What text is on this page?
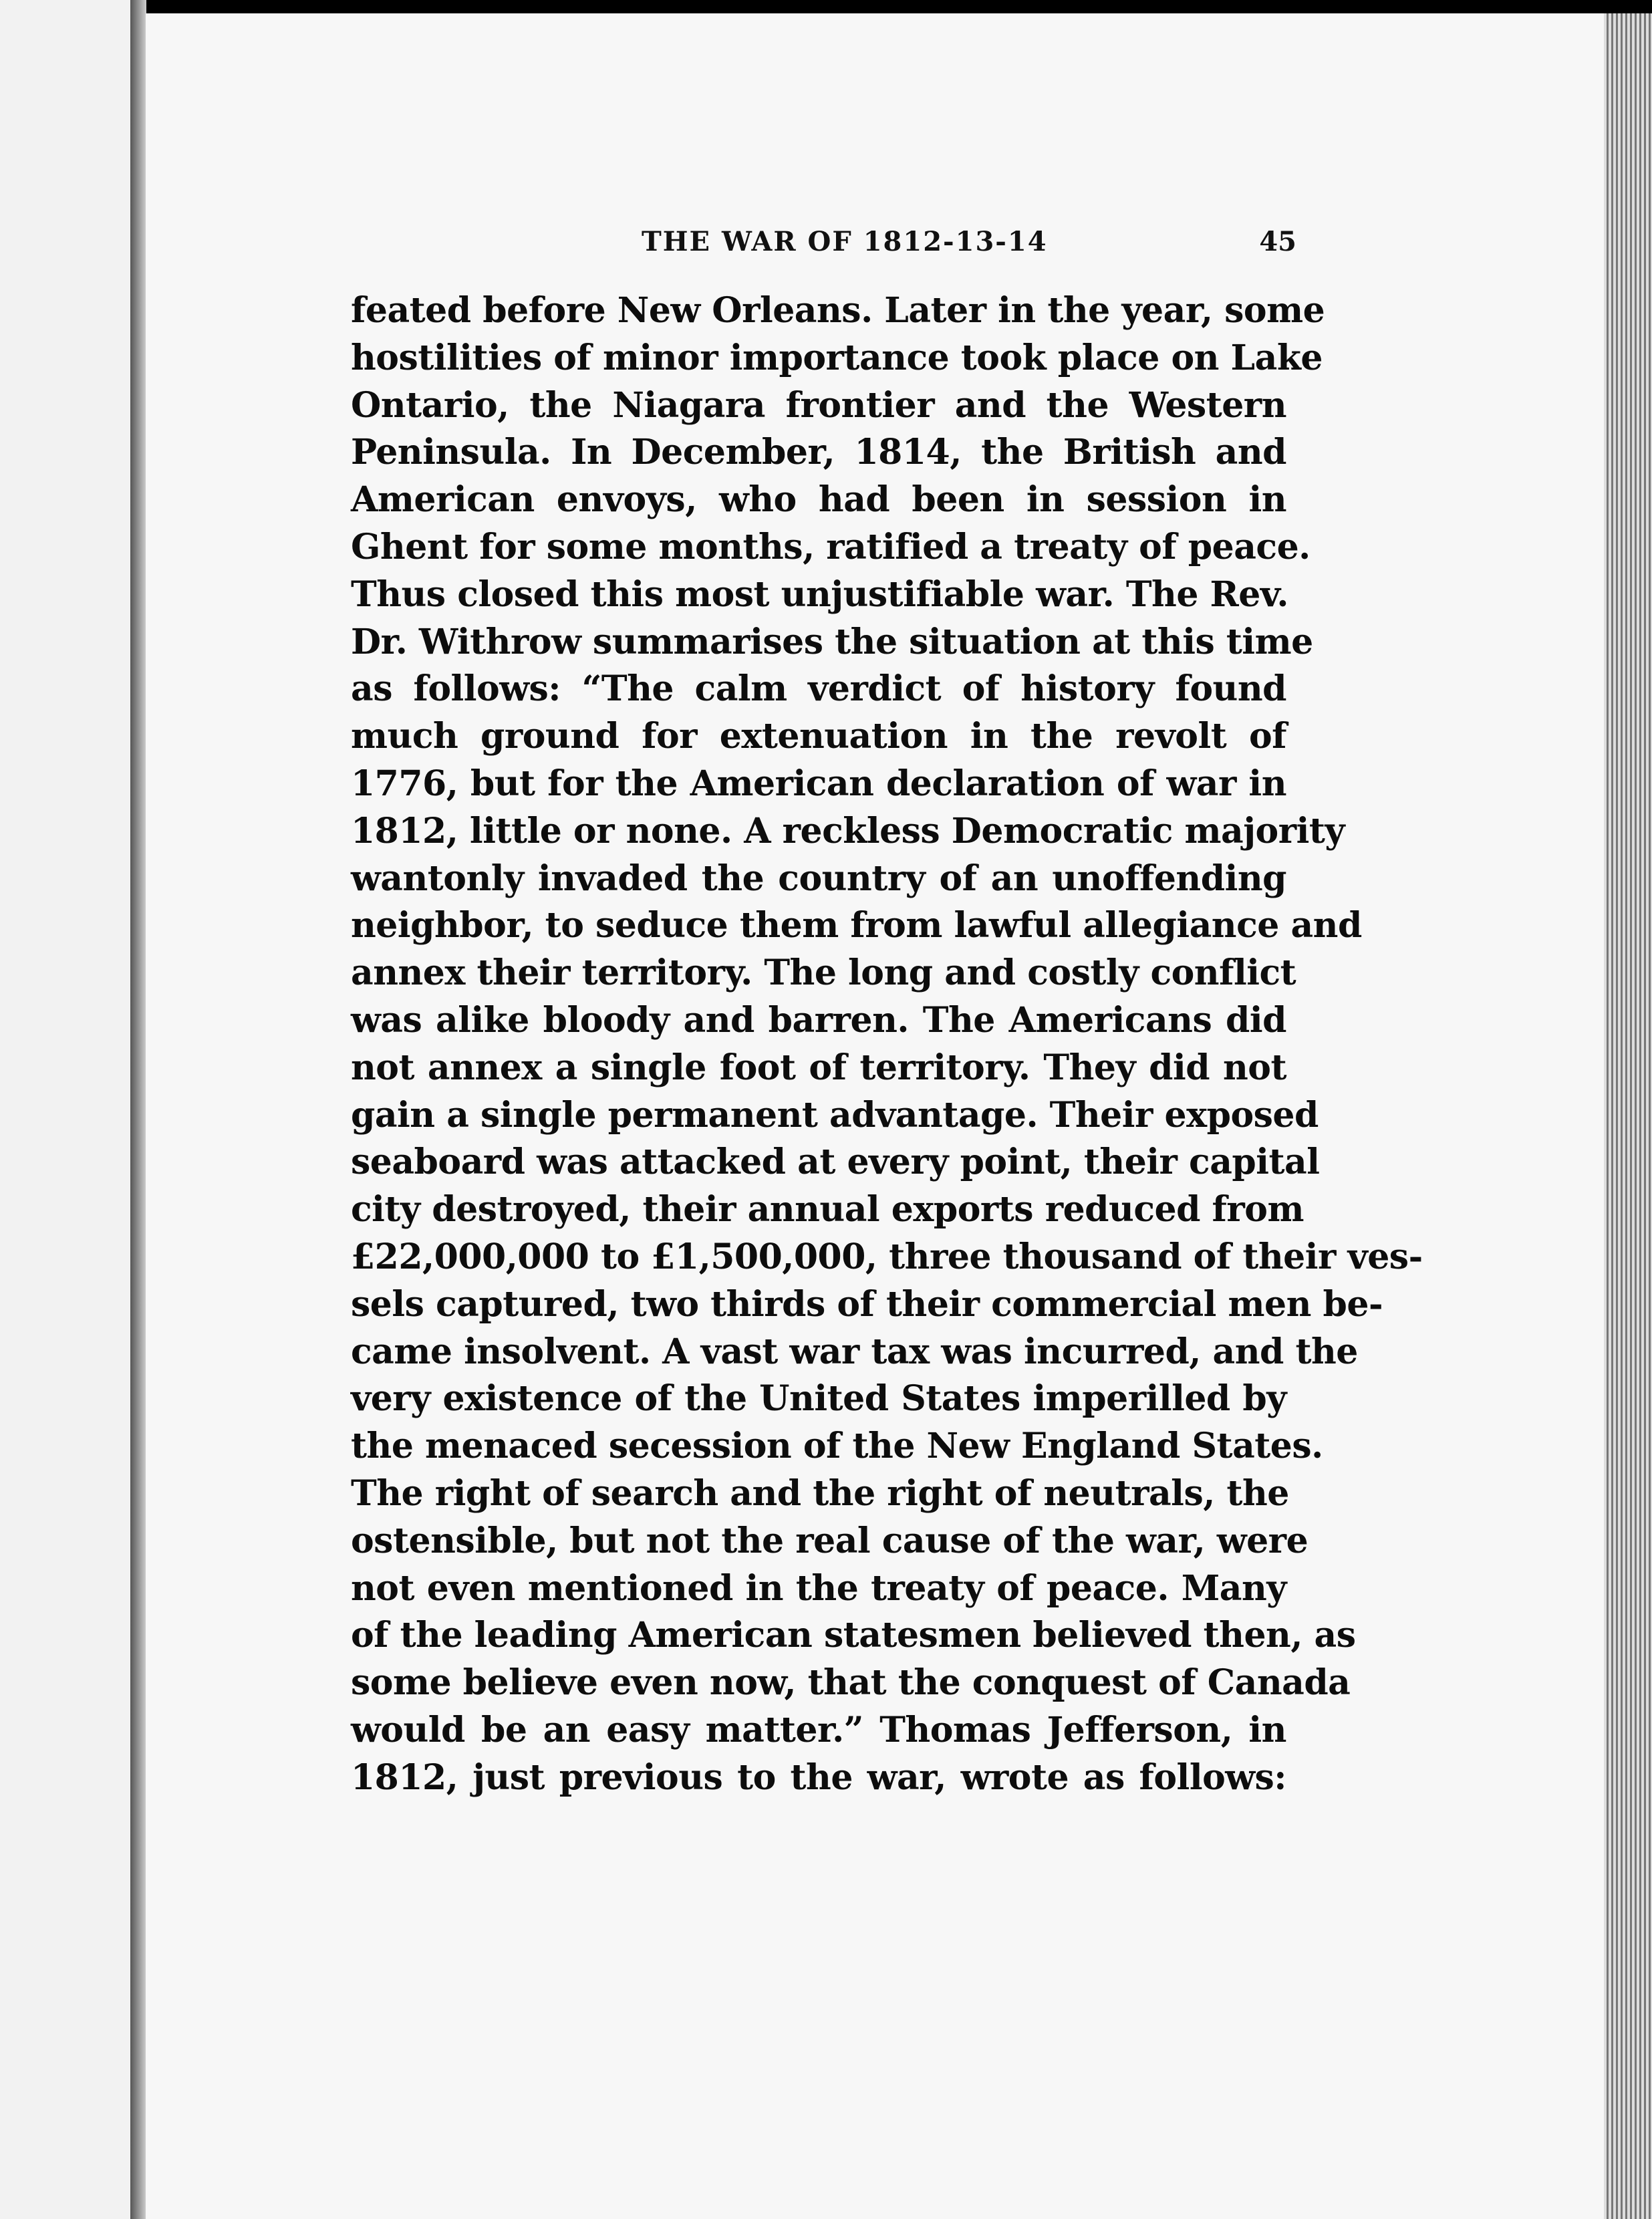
THE WAR OF 1812-13-14	45
feated before New Orleans. Later in the year, some
hostilities of minor importance took place on Lake
Ontario, the Niagara frontier and the Western
Peninsula. In December, 1814, the British and
American envoys, who had been in session in
Ghent for some months, ratified a treaty of peace.
Thus closed this most unjustifiable war. The Rev.
Dr. Withrow summarises the situation at this time
as follows: “The calm verdict of history found
much ground for extenuation in the revolt of
1776, but for the American declaration of war in
1812, little or none. A reckless Democratic majority
wantonly invaded the country of an unoffending
neighbor, to seduce them from lawful allegiance and
annex their territory. The long and costly conflict
was alike bloody and barren. The Americans did
not annex a single foot of territory. They did not
gain a single permanent advantage. Their exposed
seaboard was attacked at every point, their capital
city destroyed, their annual exports reduced from
£22,000,000 to £1,500,000, three thousand of their ves-
sels captured, two thirds of their commercial men be-
came insolvent. A vast war tax was incurred, and the
very existence of the United States imperilled by
the menaced secession of the New England States.
The right of search and the right of neutrals, the
ostensible, but not the real cause of the war, were
not even mentioned in the treaty of peace. Many
of the leading American statesmen believed then, as
some believe even now, that the conquest of Canada
would be an easy matter.” Thomas Jefferson, in
1812, just previous to the war, wrote as follows:
